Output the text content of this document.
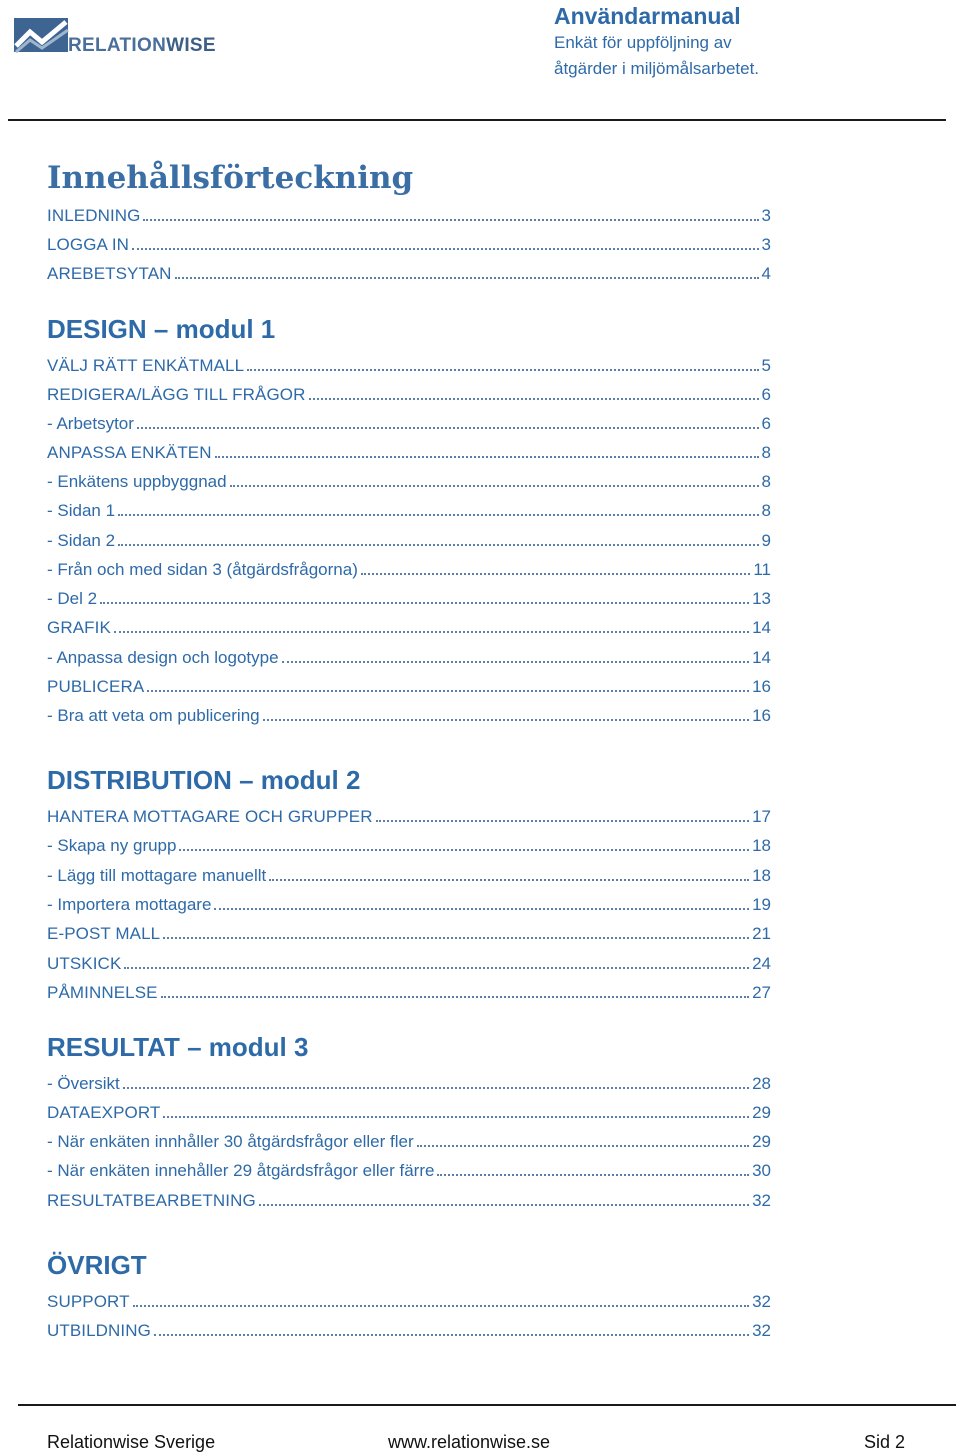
RELATIONWISE
Användarmanual
Enkät för uppföljning av
åtgärder i miljömålsarbetet.
Innehållsförteckning
INLEDNING	3
LOGGA IN	3
AREBETSYTAN	4
DESIGN – modul 1
VÄLJ RÄTT ENKÄTMALL	5
REDIGERA/LÄGG TILL FRÅGOR	6
- Arbetsytor	6
ANPASSA ENKÄTEN	8
- Enkätens uppbyggnad	8
- Sidan 1	8
- Sidan 2	9
- Från och med sidan 3 (åtgärdsfrågorna)	11
- Del 2	13
GRAFIK	14
- Anpassa design och logotype	14
PUBLICERA	16
- Bra att veta om publicering	16
DISTRIBUTION – modul 2
HANTERA MOTTAGARE OCH GRUPPER	17
- Skapa ny grupp	18
- Lägg till mottagare manuellt	18
- Importera mottagare	19
E-POST MALL	21
UTSKICK	24
PÅMINNELSE	27
RESULTAT – modul 3
- Översikt	28
DATAEXPORT	29
- När enkäten innhåller 30 åtgärdsfrågor eller fler	29
- När enkäten innehåller 29 åtgärdsfrågor eller färre	30
RESULTATBEARBETNING	32
ÖVRIGT
SUPPORT	32
UTBILDNING	32
Relationwise Sverige	www.relationwise.se	Sid 2
